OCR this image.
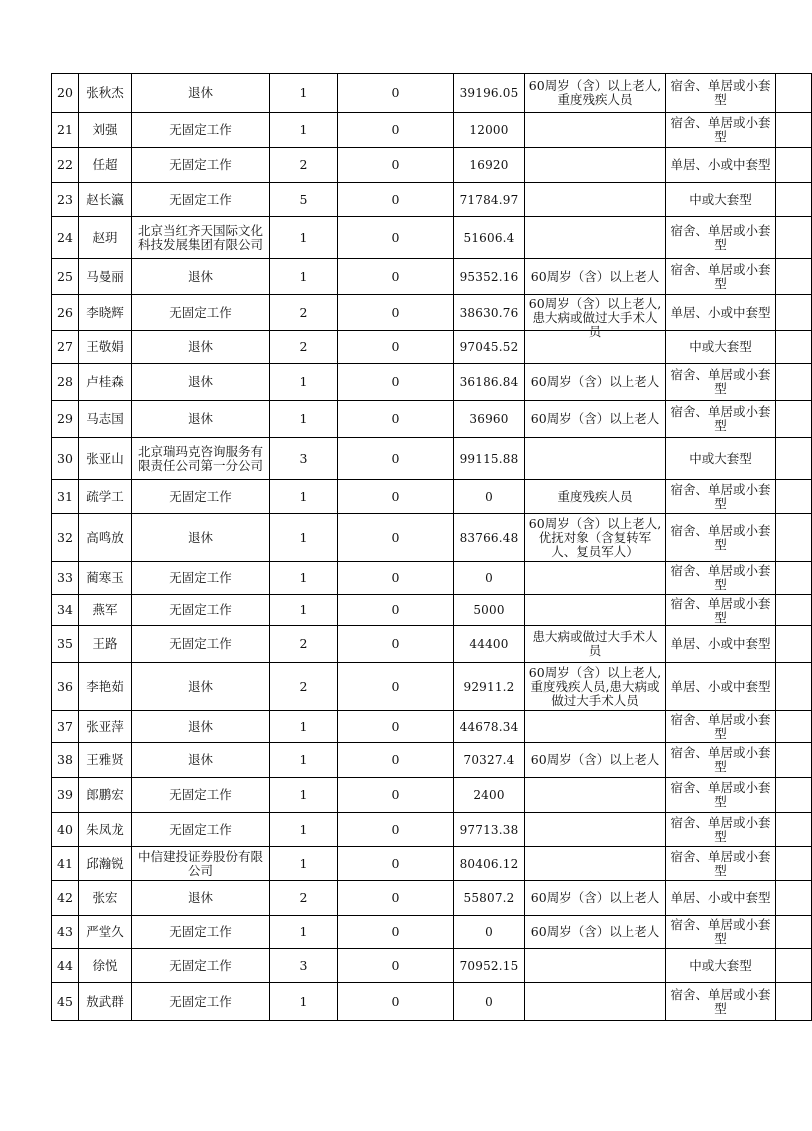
20	张秋杰	退休	1	0	39196.05	60周岁（含）以上老人,重度残疾人员	宿舍、单居或小套型	

21	刘强	无固定工作	1	0	12000		宿舍、单居或小套型	

22	任超	无固定工作	2	0	16920		单居、小或中套型	

23	赵长瀛	无固定工作	5	0	71784.97		中或大套型	

24	赵玥	北京当红齐天国际文化科技发展集团有限公司	1	0	51606.4		宿舍、单居或小套型	

25	马曼丽	退休	1	0	95352.16	60周岁（含）以上老人	宿舍、单居或小套型	

26	李晓辉	无固定工作	2	0	38630.76	60周岁（含）以上老人,患大病或做过大手术人员	单居、小或中套型	

27	王敬娟	退休	2	0	97045.52		中或大套型	

28	卢桂森	退休	1	0	36186.84	60周岁（含）以上老人	宿舍、单居或小套型	

29	马志国	退休	1	0	36960	60周岁（含）以上老人	宿舍、单居或小套型	

30	张亚山	北京瑞玛克咨询服务有限责任公司第一分公司	3	0	99115.88		中或大套型	

31	疏学工	无固定工作	1	0	0	重度残疾人员	宿舍、单居或小套型	

32	高鸣放	退休	1	0	83766.48	60周岁（含）以上老人,优抚对象（含复转军人、复员军人）	宿舍、单居或小套型	

33	蔺寒玉	无固定工作	1	0	0		宿舍、单居或小套型	

34	燕军	无固定工作	1	0	5000		宿舍、单居或小套型	

35	王路	无固定工作	2	0	44400	患大病或做过大手术人员	单居、小或中套型	

36	李艳茹	退休	2	0	92911.2	60周岁（含）以上老人,重度残疾人员,患大病或做过大手术人员	单居、小或中套型	

37	张亚萍	退休	1	0	44678.34		宿舍、单居或小套型	

38	王雅贤	退休	1	0	70327.4	60周岁（含）以上老人	宿舍、单居或小套型	

39	郎鹏宏	无固定工作	1	0	2400		宿舍、单居或小套型	

40	朱凤龙	无固定工作	1	0	97713.38		宿舍、单居或小套型	

41	邱瀚锐	中信建投证券股份有限公司	1	0	80406.12		宿舍、单居或小套型	

42	张宏	退休	2	0	55807.2	60周岁（含）以上老人	单居、小或中套型	

43	严堂久	无固定工作	1	0	0	60周岁（含）以上老人	宿舍、单居或小套型	

44	徐悦	无固定工作	3	0	70952.15		中或大套型	

45	敖武群	无固定工作	1	0	0		宿舍、单居或小套型	
